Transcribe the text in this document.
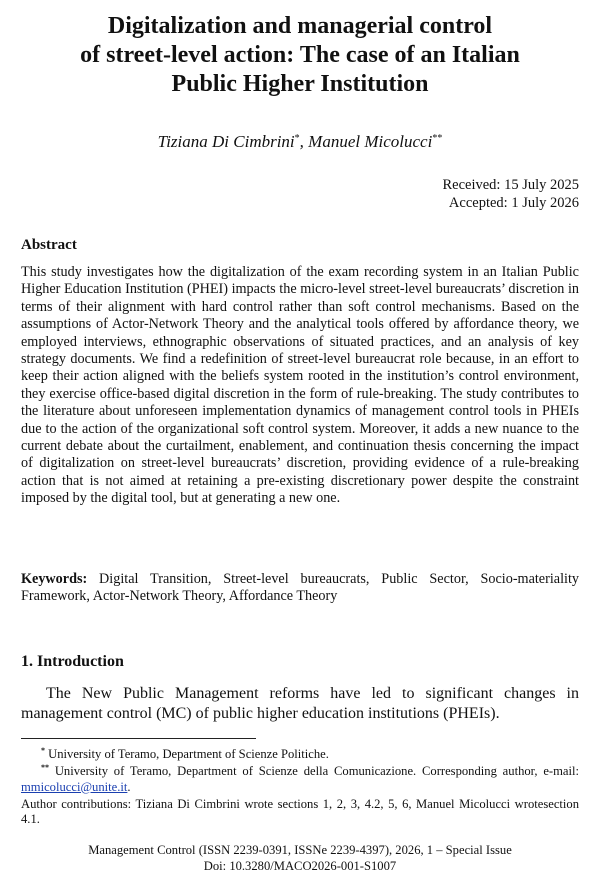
Digitalization and managerial control
of street-level action: The case of an Italian
Public Higher Institution
Tiziana Di Cimbrini*, Manuel Micolucci**
Received: 15 July 2025
Accepted: 1 July 2026
Abstract

This study investigates how the digitalization of the exam recording system in an Italian Public Higher Education Institution (PHEI) impacts the micro-level street-level bureaucrats’ discretion in terms of their alignment with hard control rather than soft control mechanisms. Based on the assumptions of Actor-Network Theory and the analytical tools offered by affordance theory, we employed interviews, ethnographic observations of situated practices, and an analysis of key strategy documents. We find a redefinition of street-level bureaucrat role because, in an effort to keep their action aligned with the beliefs system rooted in the institution’s control environment, they exercise office-based digital discretion in the form of rule-breaking. The study contributes to the literature about unforeseen implementation dynamics of management control tools in PHEIs due to the action of the organizational soft control system. Moreover, it adds a new nuance to the current debate about the curtailment, enablement, and continuation thesis concerning the impact of digitalization on street-level bureaucrats’ discretion, providing evidence of a rule-breaking action that is not aimed at retaining a pre-existing discretionary power despite the constraint imposed by the digital tool, but at generating a new one.

Keywords: Digital Transition, Street-level bureaucrats, Public Sector, Socio-materiality Framework, Actor-Network Theory, Affordance Theory

1. Introduction

The New Public Management reforms have led to significant changes in management control (MC) of public higher education institutions (PHEIs).

* University of Teramo, Department of Scienze Politiche.

** University of Teramo, Department of Scienze della Comunicazione. Corresponding author, e-mail: mmicolucci@unite.it.

Author contributions: Tiziana Di Cimbrini wrote sections 1, 2, 3, 4.2, 5, 6, Manuel Micolucci wrotesection 4.1.

Management Control (ISSN 2239-0391, ISSNe 2239-4397), 2026, 1 – Special Issue
Doi: 10.3280/MACO2026-001-S1007
